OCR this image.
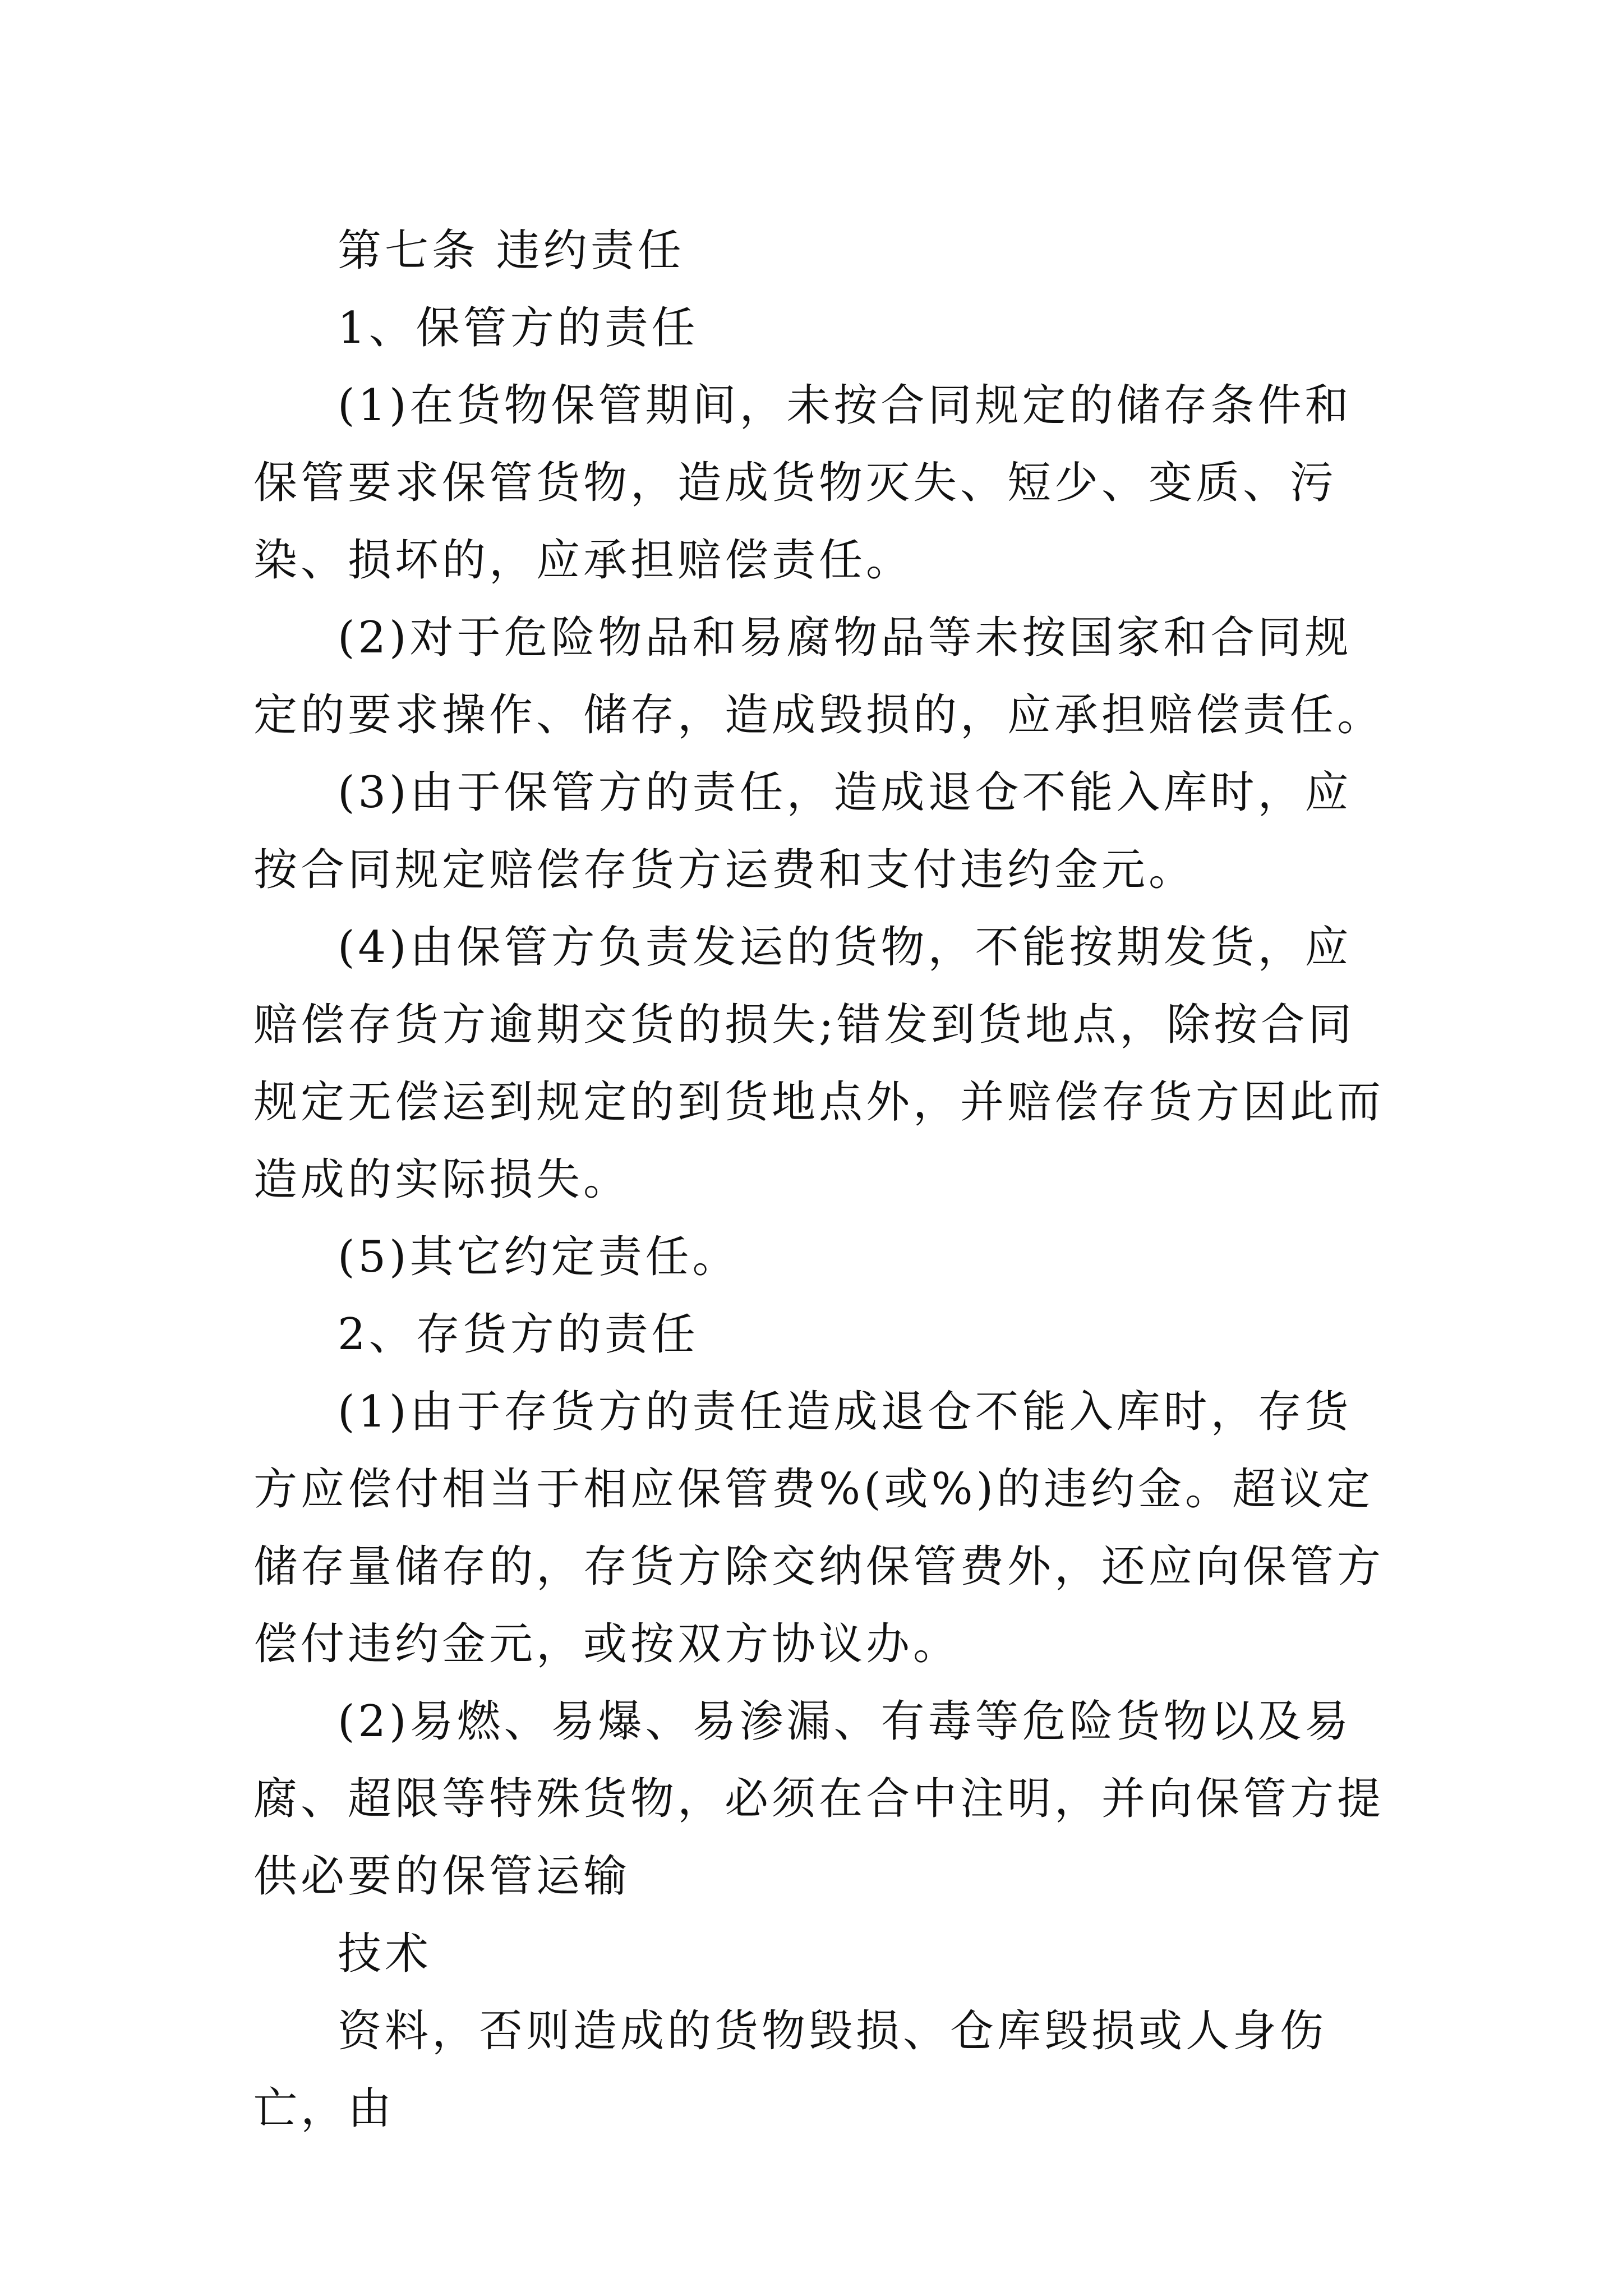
第七条 违约责任

1、保管方的责任

(1)在货物保管期间，未按合同规定的储存条件和保管要求保管货物，造成货物灭失、短少、变质、污染、损坏的，应承担赔偿责任。

(2)对于危险物品和易腐物品等未按国家和合同规定的要求操作、储存，造成毁损的，应承担赔偿责任。

(3)由于保管方的责任，造成退仓不能入库时，应按合同规定赔偿存货方运费和支付违约金元。

(4)由保管方负责发运的货物，不能按期发货，应赔偿存货方逾期交货的损失;错发到货地点，除按合同规定无偿运到规定的到货地点外，并赔偿存货方因此而造成的实际损失。

(5)其它约定责任。

2、存货方的责任

(1)由于存货方的责任造成退仓不能入库时，存货方应偿付相当于相应保管费%(或%)的违约金。超议定储存量储存的，存货方除交纳保管费外，还应向保管方偿付违约金元，或按双方协议办。

(2)易燃、易爆、易渗漏、有毒等危险货物以及易腐、超限等特殊货物，必须在合中注明，并向保管方提供必要的保管运输

技术

资料，否则造成的货物毁损、仓库毁损或人身伤亡，由
